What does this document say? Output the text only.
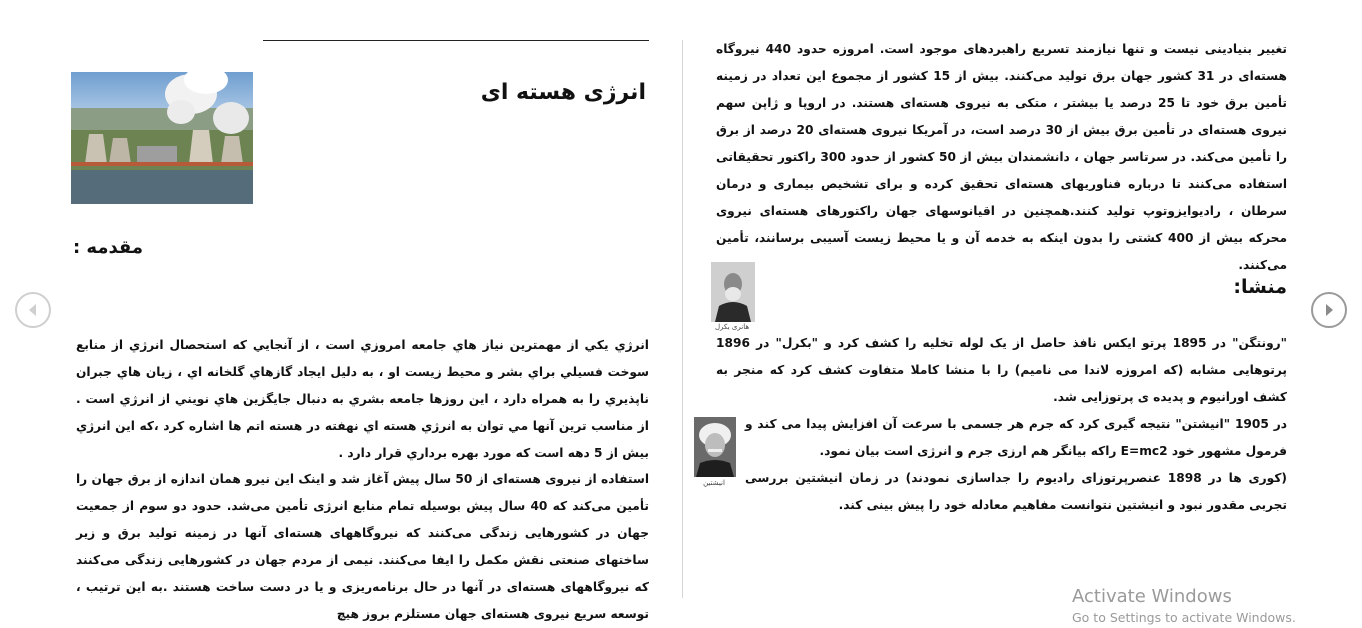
انرژی هسته ای
مقدمه :

انرژي يكي از مهمترين نياز هاي جامعه امروزي است ، از آنجايي كه استحصال انرژي از منابع سوخت فسيلي براي بشر و محيط زيست او ، به دليل ايجاد گازهاي گلخانه اي ، زيان هاي جبران ناپذيري را به همراه دارد ، اين روزها جامعه بشري به دنبال جايگزين هاي نويني از انرژي است . از مناسب ترين آنها مي توان به انرژي هسته اي نهفته در هسته اتم ها اشاره كرد ،كه اين انرژي بيش از 5 دهه است كه مورد بهره برداري قرار دارد .

استفاده از نیروی هسته‌ای از 50 سال پیش آغاز شد و اینک این نیرو همان اندازه از برق جهان را تأمین می‌کند که 40 سال پیش بوسیله تمام منابع انرژی تأمین می‌شد. حدود دو سوم از جمعیت جهان در کشورهایی زندگی می‌کنند که نیروگاههای هسته‌ای آنها در زمینه تولید برق و زیر ساختهای صنعتی نقش مکمل را ایفا می‌کنند. نیمی از مردم جهان در کشورهایی زندگی می‌کنند که نیروگاههای هسته‌ای در آنها در حال برنامه‌ریزی و یا در دست ساخت هستند .به این ترتیب ، توسعه سریع نیروی هسته‌ای جهان مستلزم بروز هیچ

تغییر بنیادینی نیست و تنها نیازمند تسریع راهبردهای موجود است. امروزه حدود 440 نیروگاه هسته‌ای در 31 کشور جهان برق تولید می‌کنند. بیش از 15 کشور از مجموع این تعداد در زمینه تأمین برق خود تا 25 درصد یا بیشتر ، متکی به نیروی هسته‌ای هستند. در اروپا و ژاپن سهم نیروی هسته‌ای در تأمین برق بیش از 30 درصد است، در آمریکا نیروی هسته‌ای 20 درصد از برق را تأمین می‌کند. در سرتاسر جهان ، دانشمندان بیش از 50 کشور از حدود 300 راکتور تحقیقاتی استفاده می‌کنند تا درباره فناوریهای هسته‌ای تحقیق کرده و برای تشخیص بیماری و درمان سرطان ، رادیوایزوتوپ تولید کنند.همچنین در اقیانوسهای جهان راکتورهای هسته‌ای نیروی محرکه بیش از 400 کشتی را بدون اینکه به خدمه آن و یا محیط زیست آسیبی برسانند، تأمین می‌کنند.

منشا:
هانری بکرل

"رونتگن" در 1895 پرتو ایکس نافذ حاصل از یک لوله تخلیه را کشف کرد و "بکرل" در 1896 پرتوهایی مشابه (که امروزه لاندا می نامیم) را با منشا کاملا متفاوت کشف کرد که منجر به کشف اورانیوم و پدیده ی پرتوزایی شد.

انیشتین

در 1905 "انیشتن" نتیجه گیری کرد که جرم هر جسمی با سرعت آن افزایش پیدا می کند و فرمول مشهور خود E=mc2 راکه بیانگر هم ارزی جرم و انرژی است بیان نمود.

(کوری ها در 1898 عنصرپرتوزای رادیوم را جداسازی نمودند) در زمان انیشتین بررسی تجربی مقدور نبود و انیشتین نتوانست مفاهیم معادله خود را پیش بینی کند.

Activate Windows
Go to Settings to activate Windows.
